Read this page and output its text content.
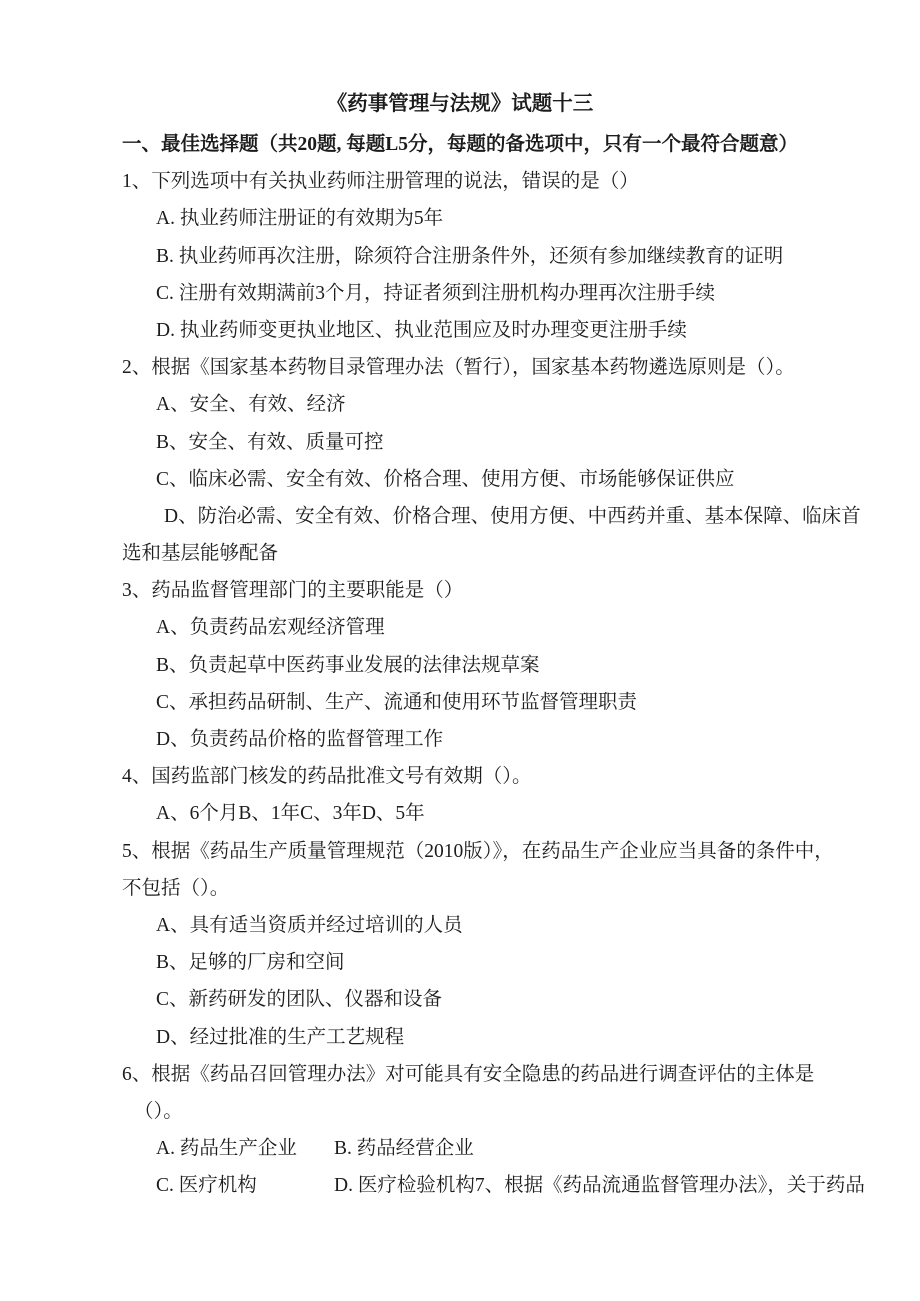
《药事管理与法规》试题十三
一、最佳选择题（共20题, 每题L5分，每题的备选项中，只有一个最符合题意）
1、下列选项中有关执业药师注册管理的说法，错误的是（）
A. 执业药师注册证的有效期为5年
B. 执业药师再次注册，除须符合注册条件外，还须有参加继续教育的证明
C. 注册有效期满前3个月，持证者须到注册机构办理再次注册手续
D. 执业药师变更执业地区、执业范围应及时办理变更注册手续
2、根据《国家基本药物目录管理办法（暂行），国家基本药物遴选原则是（）。
A、安全、有效、经济
B、安全、有效、质量可控
C、临床必需、安全有效、价格合理、使用方便、市场能够保证供应
D、防治必需、安全有效、价格合理、使用方便、中西药并重、基本保障、临床首
选和基层能够配备
3、药品监督管理部门的主要职能是（）
A、负责药品宏观经济管理
B、负责起草中医药事业发展的法律法规草案
C、承担药品研制、生产、流通和使用环节监督管理职责
D、负责药品价格的监督管理工作
4、国药监部门核发的药品批准文号有效期（）。
A、6个月B、1年C、3年D、5年
5、根据《药品生产质量管理规范（2010版）》，在药品生产企业应当具备的条件中，
不包括（）。
A、具有适当资质并经过培训的人员
B、足够的厂房和空间
C、新药研发的团队、仪器和设备
D、经过批准的生产工艺规程
6、根据《药品召回管理办法》对可能具有安全隐患的药品进行调查评估的主体是
（）。
A. 药品生产企业 B. 药品经营企业
C. 医疗机构	D. 医疗检验机构7、根据《药品流通监督管理办法》，关于药品
